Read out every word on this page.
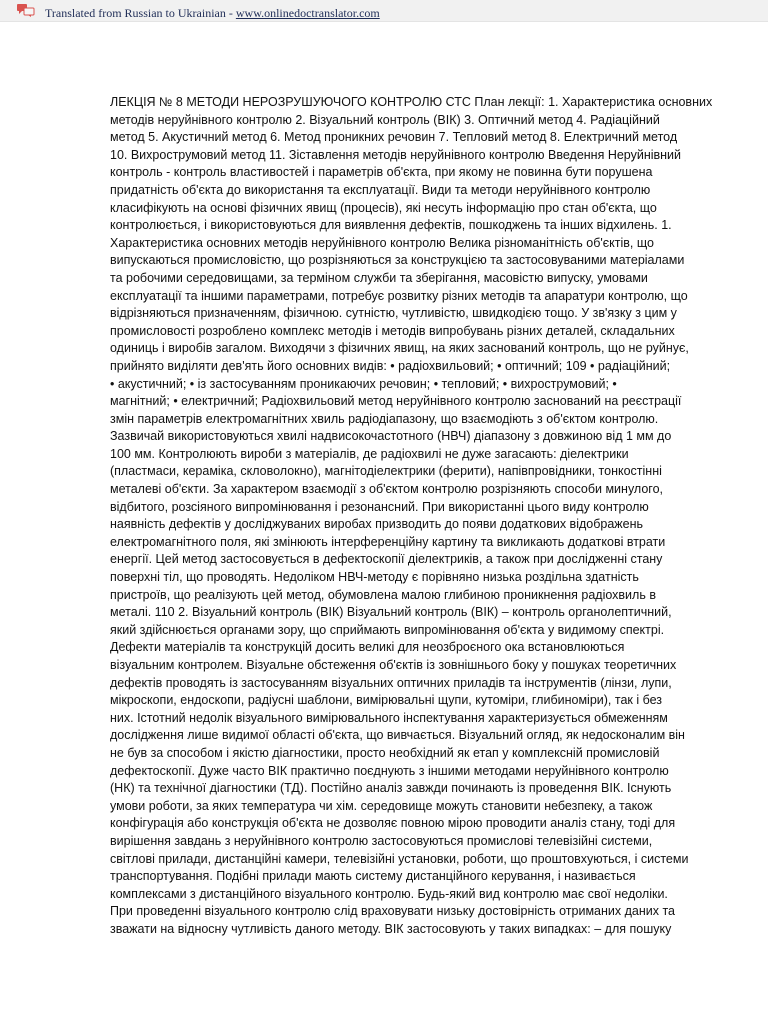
Translated from Russian to Ukrainian - www.onlinedoctranslator.com
ЛЕКЦІЯ № 8 МЕТОДИ НЕРОЗРУШУЮЧОГО КОНТРОЛЮ СТС План лекції: 1. Характеристика основних
методів неруйнівного контролю 2. Візуальний контроль (ВІК) 3. Оптичний метод 4. Радіаційний
метод 5. Акустичний метод 6. Метод проникних речовин 7. Тепловий метод 8. Електричний метод
10. Вихрострумовий метод 11. Зіставлення методів неруйнівного контролю Введення Неруйнівний
контроль - контроль властивостей і параметрів об'єкта, при якому не повинна бути порушена
придатність об'єкта до використання та експлуатації. Види та методи неруйнівного контролю
класифікують на основі фізичних явищ (процесів), які несуть інформацію про стан об'єкта, що
контролюється, і використовуються для виявлення дефектів, пошкоджень та інших відхилень. 1.
Характеристика основних методів неруйнівного контролю Велика різноманітність об'єктів, що
випускаються промисловістю, що розрізняються за конструкцією та застосовуваними матеріалами
та робочими середовищами, за терміном служби та зберігання, масовістю випуску, умовами
експлуатації та іншими параметрами, потребує розвитку різних методів та апаратури контролю, що
відрізняються призначенням, фізичною. сутністю, чутливістю, швидкодією тощо. У зв'язку з цим у
промисловості розроблено комплекс методів і методів випробувань різних деталей, складальних
одиниць і виробів загалом. Виходячи з фізичних явищ, на яких заснований контроль, що не руйнує,
прийнято виділяти дев'ять його основних видів: • радіохвильовий; • оптичний; 109 • радіаційний;
• акустичний; • із застосуванням проникаючих речовин; • тепловий; • вихрострумовий; •
магнітний; • електричний; Радіохвильовий метод неруйнівного контролю заснований на реєстрації
змін параметрів електромагнітних хвиль радіодіапазону, що взаємодіють з об'єктом контролю.
Зазвичай використовуються хвилі надвисокочастотного (НВЧ) діапазону з довжиною від 1 мм до
100 мм. Контролюють вироби з матеріалів, де радіохвилі не дуже загасають: діелектрики
(пластмаси, кераміка, скловолокно), магнітодіелектрики (ферити), напівпровідники, тонкостінні
металеві об'єкти. За характером взаємодії з об'єктом контролю розрізняють способи минулого,
відбитого, розсіяного випромінювання і резонансний. При використанні цього виду контролю
наявність дефектів у досліджуваних виробах призводить до появи додаткових відображень
електромагнітного поля, які змінюють інтерференційну картину та викликають додаткові втрати
енергії. Цей метод застосовується в дефектоскопії діелектриків, а також при дослідженні стану
поверхні тіл, що проводять. Недоліком НВЧ-методу є порівняно низька роздільна здатність
пристроїв, що реалізують цей метод, обумовлена малою глибиною проникнення радіохвиль в
металі. 110 2. Візуальний контроль (ВІК) Візуальний контроль (ВІК) – контроль органолептичний,
який здійснюється органами зору, що сприймають випромінювання об'єкта у видимому спектрі.
Дефекти матеріалів та конструкцій досить великі для неозброєного ока встановлюються
візуальним контролем. Візуальне обстеження об'єктів із зовнішнього боку у пошуках теоретичних
дефектів проводять із застосуванням візуальних оптичних приладів та інструментів (лінзи, лупи,
мікроскопи, ендоскопи, радіусні шаблони, вимірювальні щупи, кутоміри, глибиноміри), так і без
них. Істотний недолік візуального вимірювального інспектування характеризується обмеженням
дослідження лише видимої області об'єкта, що вивчається. Візуальний огляд, як недосконалим він
не був за способом і якістю діагностики, просто необхідний як етап у комплексній промисловій
дефектоскопії. Дуже часто ВІК практично поєднують з іншими методами неруйнівного контролю
(НК) та технічної діагностики (ТД). Постійно аналіз завжди починають із проведення ВІК. Існують
умови роботи, за яких температура чи хім. середовище можуть становити небезпеку, а також
конфігурація або конструкція об'єкта не дозволяє повною мірою проводити аналіз стану, тоді для
вирішення завдань з неруйнівного контролю застосовуються промислові телевізійні системи,
світлові прилади, дистанційні камери, телевізійні установки, роботи, що проштовхуються, і системи
транспортування. Подібні прилади мають систему дистанційного керування, і називається
комплексами з дистанційного візуального контролю. Будь-який вид контролю має свої недоліки.
При проведенні візуального контролю слід враховувати низьку достовірність отриманих даних та
зважати на відносну чутливість даного методу. ВІК застосовують у таких випадках: – для пошуку
